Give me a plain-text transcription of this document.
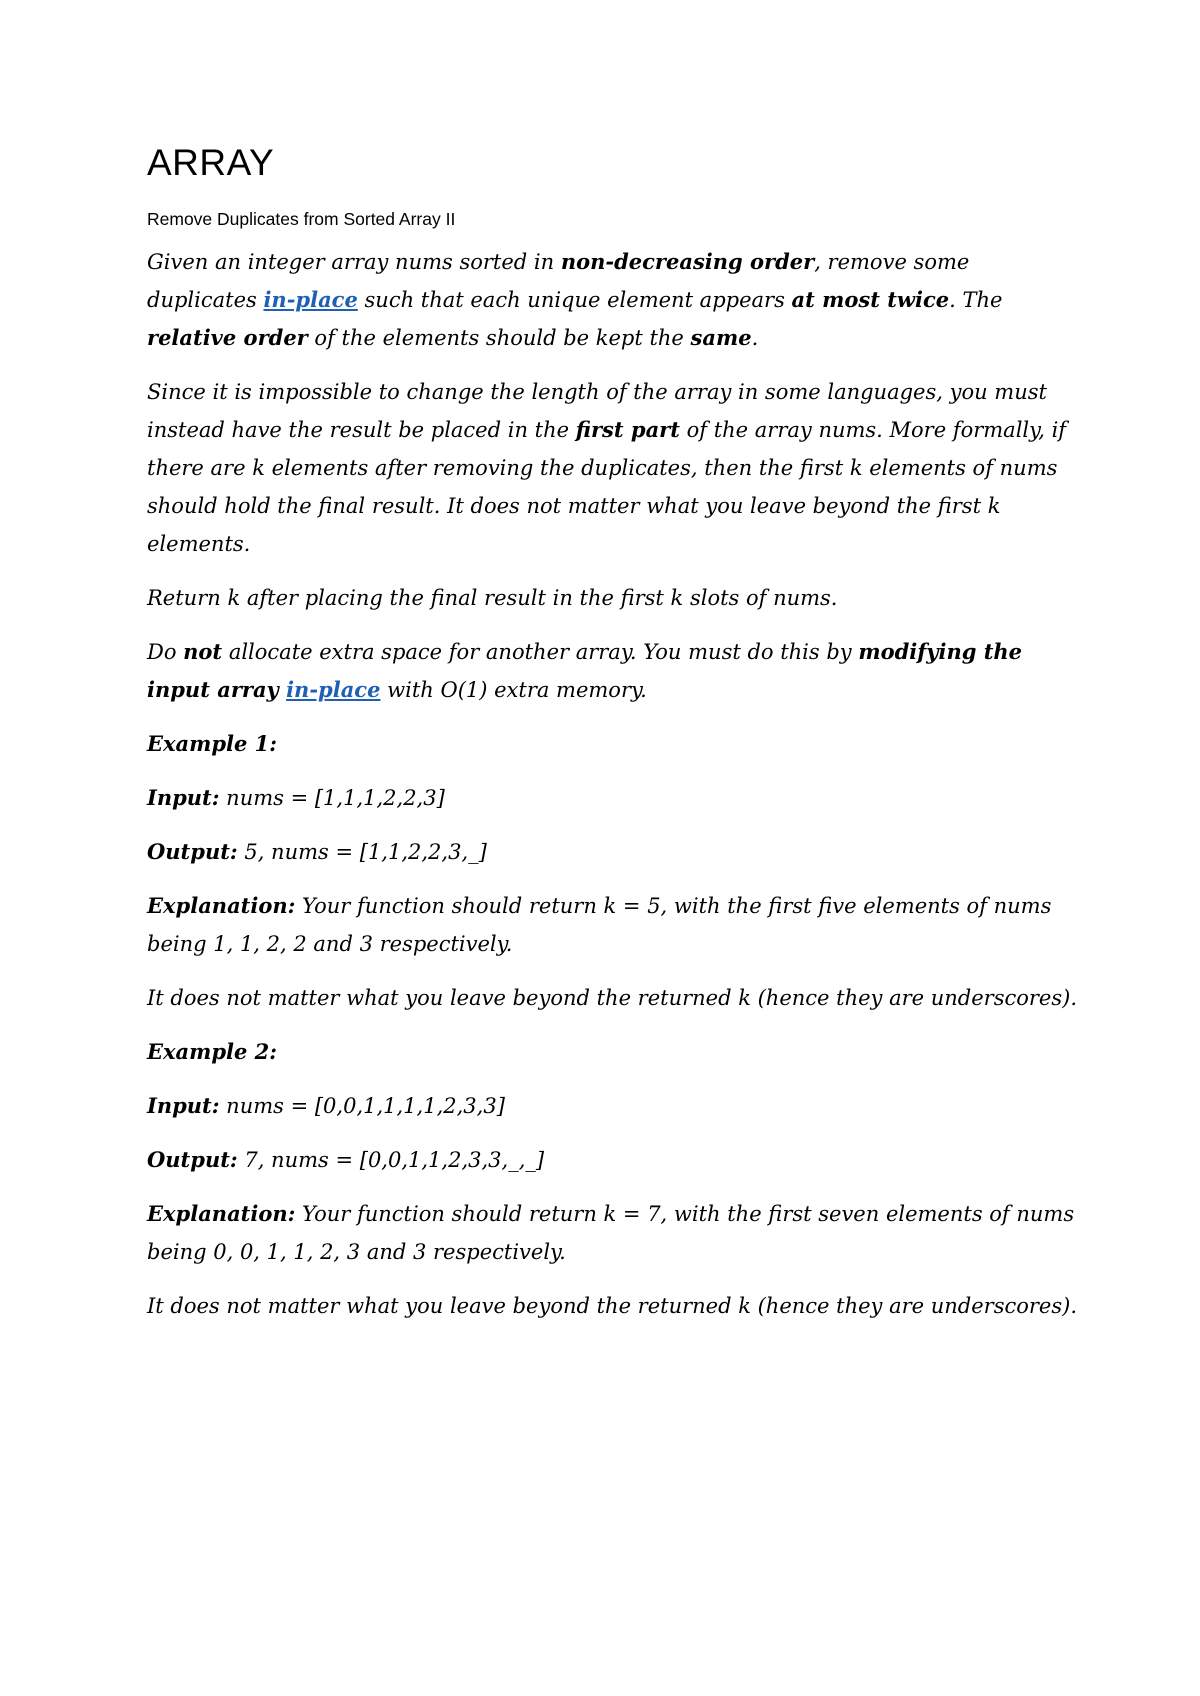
ARRAY
Remove Duplicates from Sorted Array II

Given an integer array nums sorted in non-decreasing order, remove some duplicates in-place such that each unique element appears at most twice. The relative order of the elements should be kept the same.

Since it is impossible to change the length of the array in some languages, you must instead have the result be placed in the first part of the array nums. More formally, if there are k elements after removing the duplicates, then the first k elements of nums should hold the final result. It does not matter what you leave beyond the first k elements.

Return k after placing the final result in the first k slots of nums.

Do not allocate extra space for another array. You must do this by modifying the input array in-place with O(1) extra memory.

Example 1:

Input: nums = [1,1,1,2,2,3]

Output: 5, nums = [1,1,2,2,3,_]

Explanation: Your function should return k = 5, with the first five elements of nums being 1, 1, 2, 2 and 3 respectively.

It does not matter what you leave beyond the returned k (hence they are underscores).

Example 2:

Input: nums = [0,0,1,1,1,1,2,3,3]

Output: 7, nums = [0,0,1,1,2,3,3,_,_]

Explanation: Your function should return k = 7, with the first seven elements of nums being 0, 0, 1, 1, 2, 3 and 3 respectively.

It does not matter what you leave beyond the returned k (hence they are underscores).
